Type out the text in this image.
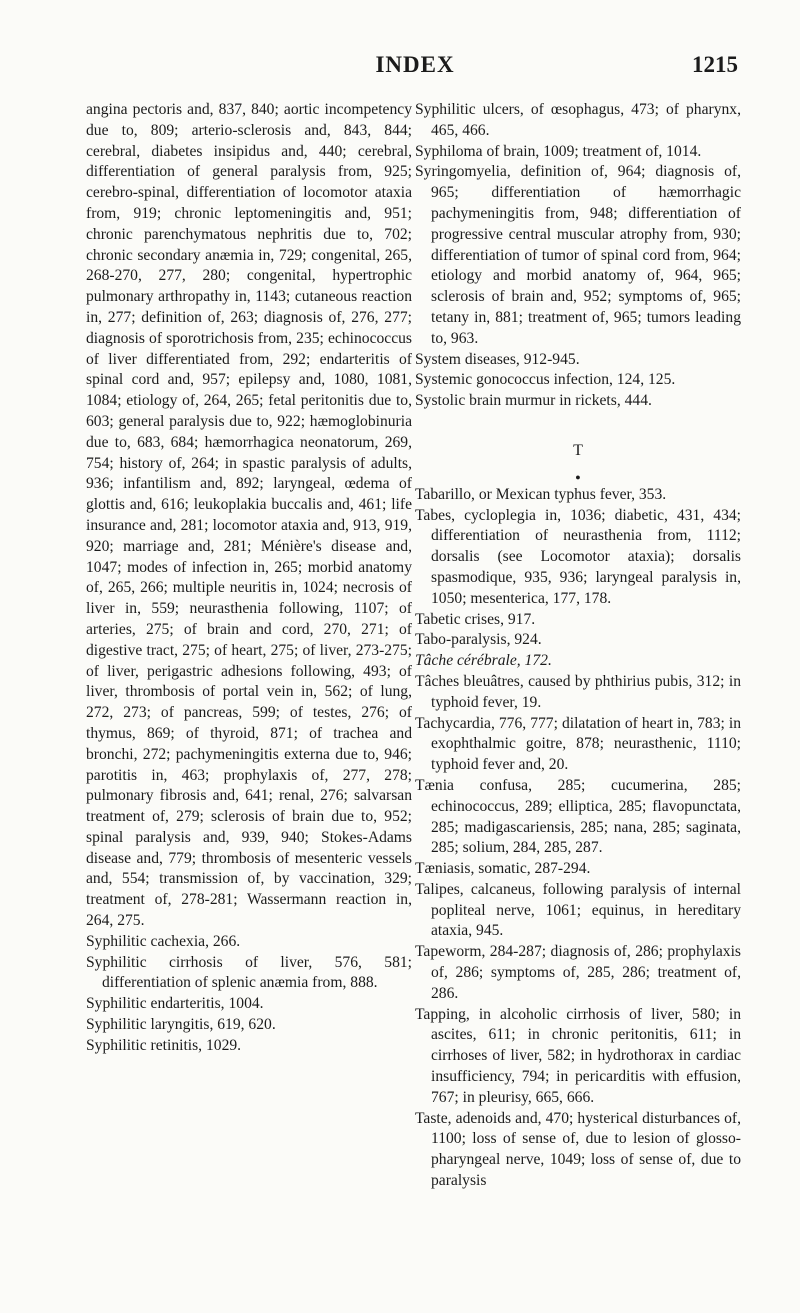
INDEX	1215

angina pectoris and, 837, 840; aortic incompetency due to, 809; arterio-sclerosis and, 843, 844; cerebral, diabetes insipidus and, 440; cerebral, differentiation of general paralysis from, 925; cerebro-spinal, differentiation of locomotor ataxia from, 919; chronic leptomeningitis and, 951; chronic parenchymatous nephritis due to, 702; chronic secondary anæmia in, 729; congenital, 265, 268-270, 277, 280; congenital, hypertrophic pulmonary arthropathy in, 1143; cutaneous reaction in, 277; definition of, 263; diagnosis of, 276, 277; diagnosis of sporotrichosis from, 235; echinococcus of liver differentiated from, 292; endarteritis of spinal cord and, 957; epilepsy and, 1080, 1081, 1084; etiology of, 264, 265; fetal peritonitis due to, 603; general paralysis due to, 922; hæmoglobinuria due to, 683, 684; hæmorrhagica neonatorum, 269, 754; history of, 264; in spastic paralysis of adults, 936; infantilism and, 892; laryngeal, œdema of glottis and, 616; leukoplakia buccalis and, 461; life insurance and, 281; locomotor ataxia and, 913, 919, 920; marriage and, 281; Ménière's disease and, 1047; modes of infection in, 265; morbid anatomy of, 265, 266; multiple neuritis in, 1024; necrosis of liver in, 559; neurasthenia following, 1107; of arteries, 275; of brain and cord, 270, 271; of digestive tract, 275; of heart, 275; of liver, 273-275; of liver, perigastric adhesions following, 493; of liver, thrombosis of portal vein in, 562; of lung, 272, 273; of pancreas, 599; of testes, 276; of thymus, 869; of thyroid, 871; of trachea and bronchi, 272; pachymeningitis externa due to, 946; parotitis in, 463; prophylaxis of, 277, 278; pulmonary fibrosis and, 641; renal, 276; salvarsan treatment of, 279; sclerosis of brain due to, 952; spinal paralysis and, 939, 940; Stokes-Adams disease and, 779; thrombosis of mesenteric vessels and, 554; transmission of, by vaccination, 329; treatment of, 278-281; Wassermann reaction in, 264, 275.

Syphilitic cachexia, 266.

Syphilitic cirrhosis of liver, 576, 581; differentiation of splenic anæmia from, 888.

Syphilitic endarteritis, 1004.

Syphilitic laryngitis, 619, 620.

Syphilitic retinitis, 1029.

Syphilitic ulcers, of œsophagus, 473; of pharynx, 465, 466.

Syphiloma of brain, 1009; treatment of, 1014.

Syringomyelia, definition of, 964; diagnosis of, 965; differentiation of hæmorrhagic pachymeningitis from, 948; differentiation of progressive central muscular atrophy from, 930; differentiation of tumor of spinal cord from, 964; etiology and morbid anatomy of, 964, 965; sclerosis of brain and, 952; symptoms of, 965; tetany in, 881; treatment of, 965; tumors leading to, 963.

System diseases, 912-945.

Systemic gonococcus infection, 124, 125.

Systolic brain murmur in rickets, 444.

T
●

Tabarillo, or Mexican typhus fever, 353.

Tabes, cycloplegia in, 1036; diabetic, 431, 434; differentiation of neurasthenia from, 1112; dorsalis (see Locomotor ataxia); dorsalis spasmodique, 935, 936; laryngeal paralysis in, 1050; mesenterica, 177, 178.

Tabetic crises, 917.

Tabo-paralysis, 924.

Tâche cérébrale, 172.

Tâches bleuâtres, caused by phthirius pubis, 312; in typhoid fever, 19.

Tachycardia, 776, 777; dilatation of heart in, 783; in exophthalmic goitre, 878; neurasthenic, 1110; typhoid fever and, 20.

Tænia confusa, 285; cucumerina, 285; echinococcus, 289; elliptica, 285; flavopunctata, 285; madigascariensis, 285; nana, 285; saginata, 285; solium, 284, 285, 287.

Tæniasis, somatic, 287-294.

Talipes, calcaneus, following paralysis of internal popliteal nerve, 1061; equinus, in hereditary ataxia, 945.

Tapeworm, 284-287; diagnosis of, 286; prophylaxis of, 286; symptoms of, 285, 286; treatment of, 286.

Tapping, in alcoholic cirrhosis of liver, 580; in ascites, 611; in chronic peritonitis, 611; in cirrhoses of liver, 582; in hydrothorax in cardiac insufficiency, 794; in pericarditis with effusion, 767; in pleurisy, 665, 666.

Taste, adenoids and, 470; hysterical disturbances of, 1100; loss of sense of, due to lesion of glosso-pharyngeal nerve, 1049; loss of sense of, due to paralysis
